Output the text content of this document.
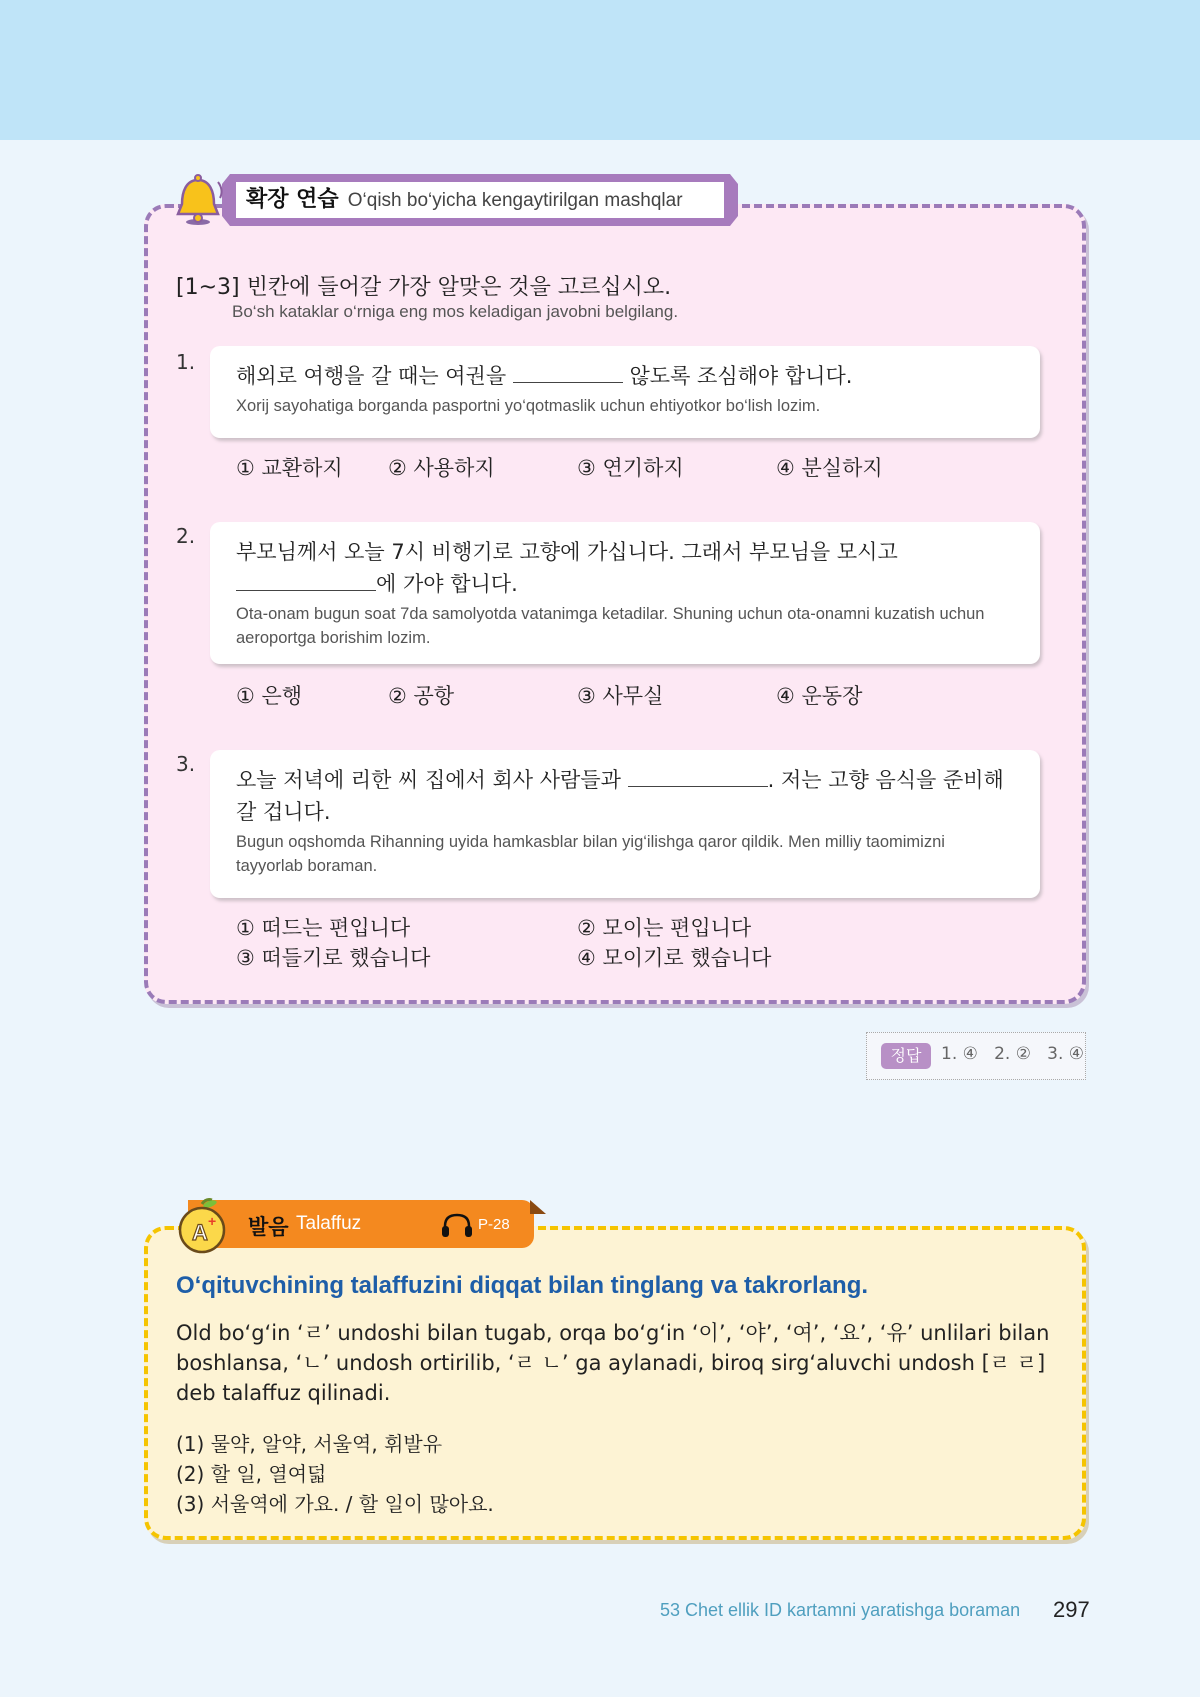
확장 연습 O‘qish bo‘yicha kengaytirilgan mashqlar
[1~3] 빈칸에 들어갈 가장 알맞은 것을 고르십시오.
Bo‘sh kataklar o‘rniga eng mos keladigan javobni belgilang.
1.
해외로 여행을 갈 때는 여권을	않도록 조심해야 합니다.
Xorij sayohatiga borganda pasportni yo‘qotmaslik uchun ehtiyotkor bo‘lish lozim.
① 교환하지 ② 사용하지	③ 연기하지	④ 분실하지
2.
부모님께서 오늘 7시 비행기로 고향에 가십니다. 그래서 부모님을 모시고 에 가야 합니다.
Ota-onam bugun soat 7da samolyotda vatanimga ketadilar. Shuning uchun ota-onamni kuzatish uchun aeroportga borishim lozim.
① 은행	② 공항	③ 사무실	④ 운동장
3.
오늘 저녁에 리한 씨 집에서 회사 사람들과	. 저는 고향 음식을 준비해 갈 겁니다.
Bugun oqshomda Rihanning uyida hamkasblar bilan yig‘ilishga qaror qildik. Men milliy taomimizni tayyorlab boraman.
① 떠드는 편입니다	② 모이는 편입니다
③ 떠들기로 했습니다	④ 모이기로 했습니다
정답	1. ④   2. ②   3. ④
A + 발음 Talaffuz	P-28
O‘qituvchining talaffuzini diqqat bilan tinglang va takrorlang.
Old bo‘g‘in ‘ㄹ’ undoshi bilan tugab, orqa bo‘g‘in ‘이’, ‘야’, ‘여’, ‘요’, ‘유’ unlilari bilan boshlansa, ‘ㄴ’ undosh ortirilib, ‘ㄹ ㄴ’ ga aylanadi, biroq sirg‘aluvchi undosh [ㄹ ㄹ] deb talaffuz qilinadi.
(1) 물약, 알약, 서울역, 휘발유
(2) 할 일, 열여덟
(3) 서울역에 가요. / 할 일이 많아요.
53 Chet ellik ID kartamni yaratishga boraman 297
